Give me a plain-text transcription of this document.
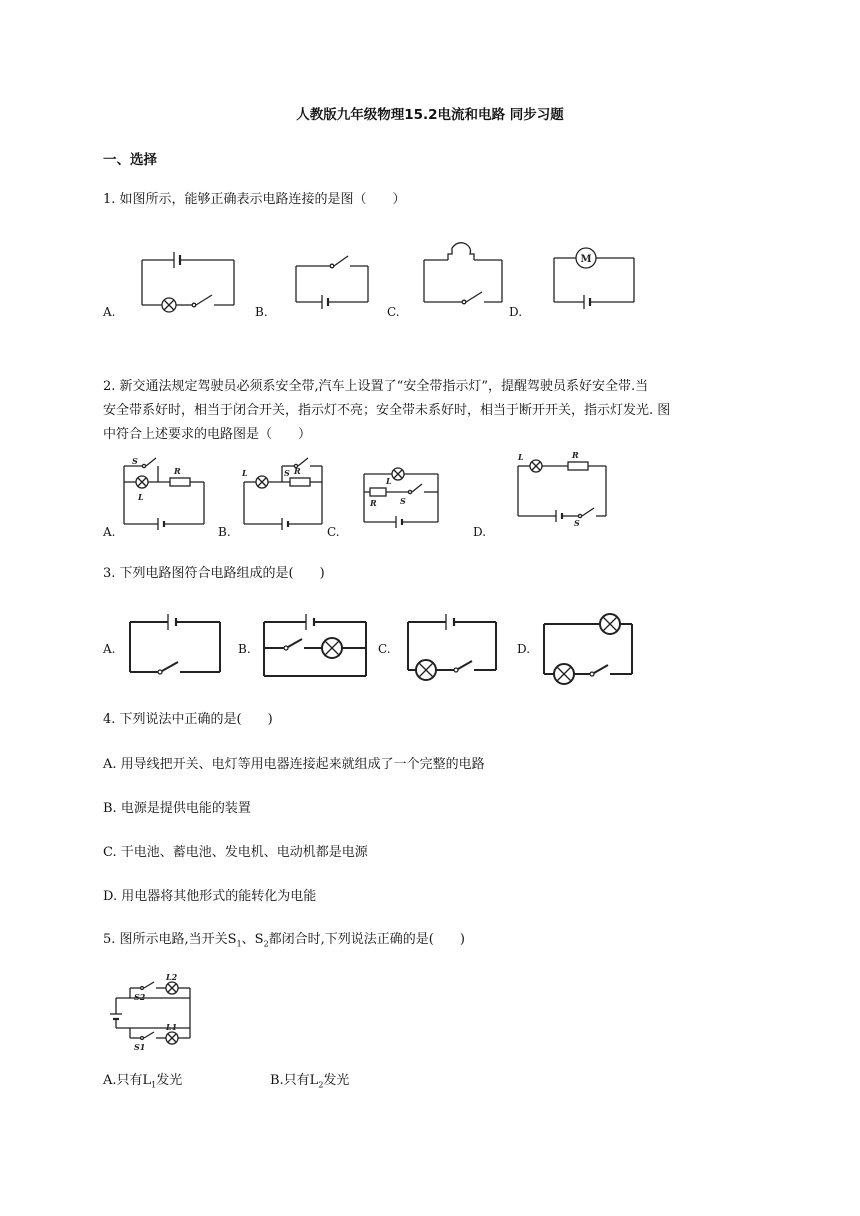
人教版九年级物理15.2电流和电路 同步习题
一、选择
1. 如图所示，能够正确表示电路连接的是图（　　）
A.	B.	C.	D.
M
2. 新交通法规定驾驶员必须系安全带,汽车上设置了“安全带指示灯”，提醒驾驶员系好安全带.当
安全带系好时，相当于闭合开关，指示灯不亮；安全带未系好时，相当于断开开关，指示灯发光. 图
中符合上述要求的电路图是（　　）
A.
S
L
R
B.
S
L	R
C.
L
R	S
D.
L	R
S
3. 下列电路图符合电路组成的是(　　)
A.	B.	C.	D.
4. 下列说法中正确的是(　　)
A. 用导线把开关、电灯等用电器连接起来就组成了一个完整的电路
B. 电源是提供电能的装置
C. 干电池、蓄电池、发电机、电动机都是电源
D. 用电器将其他形式的能转化为电能
5. 图所示电路,当开关$S_1$、$S_2$都闭合时,下列说法正确的是(　　)
L2
S2
L1
S1
A.只有$L_1$发光	B.只有$L_2$发光
